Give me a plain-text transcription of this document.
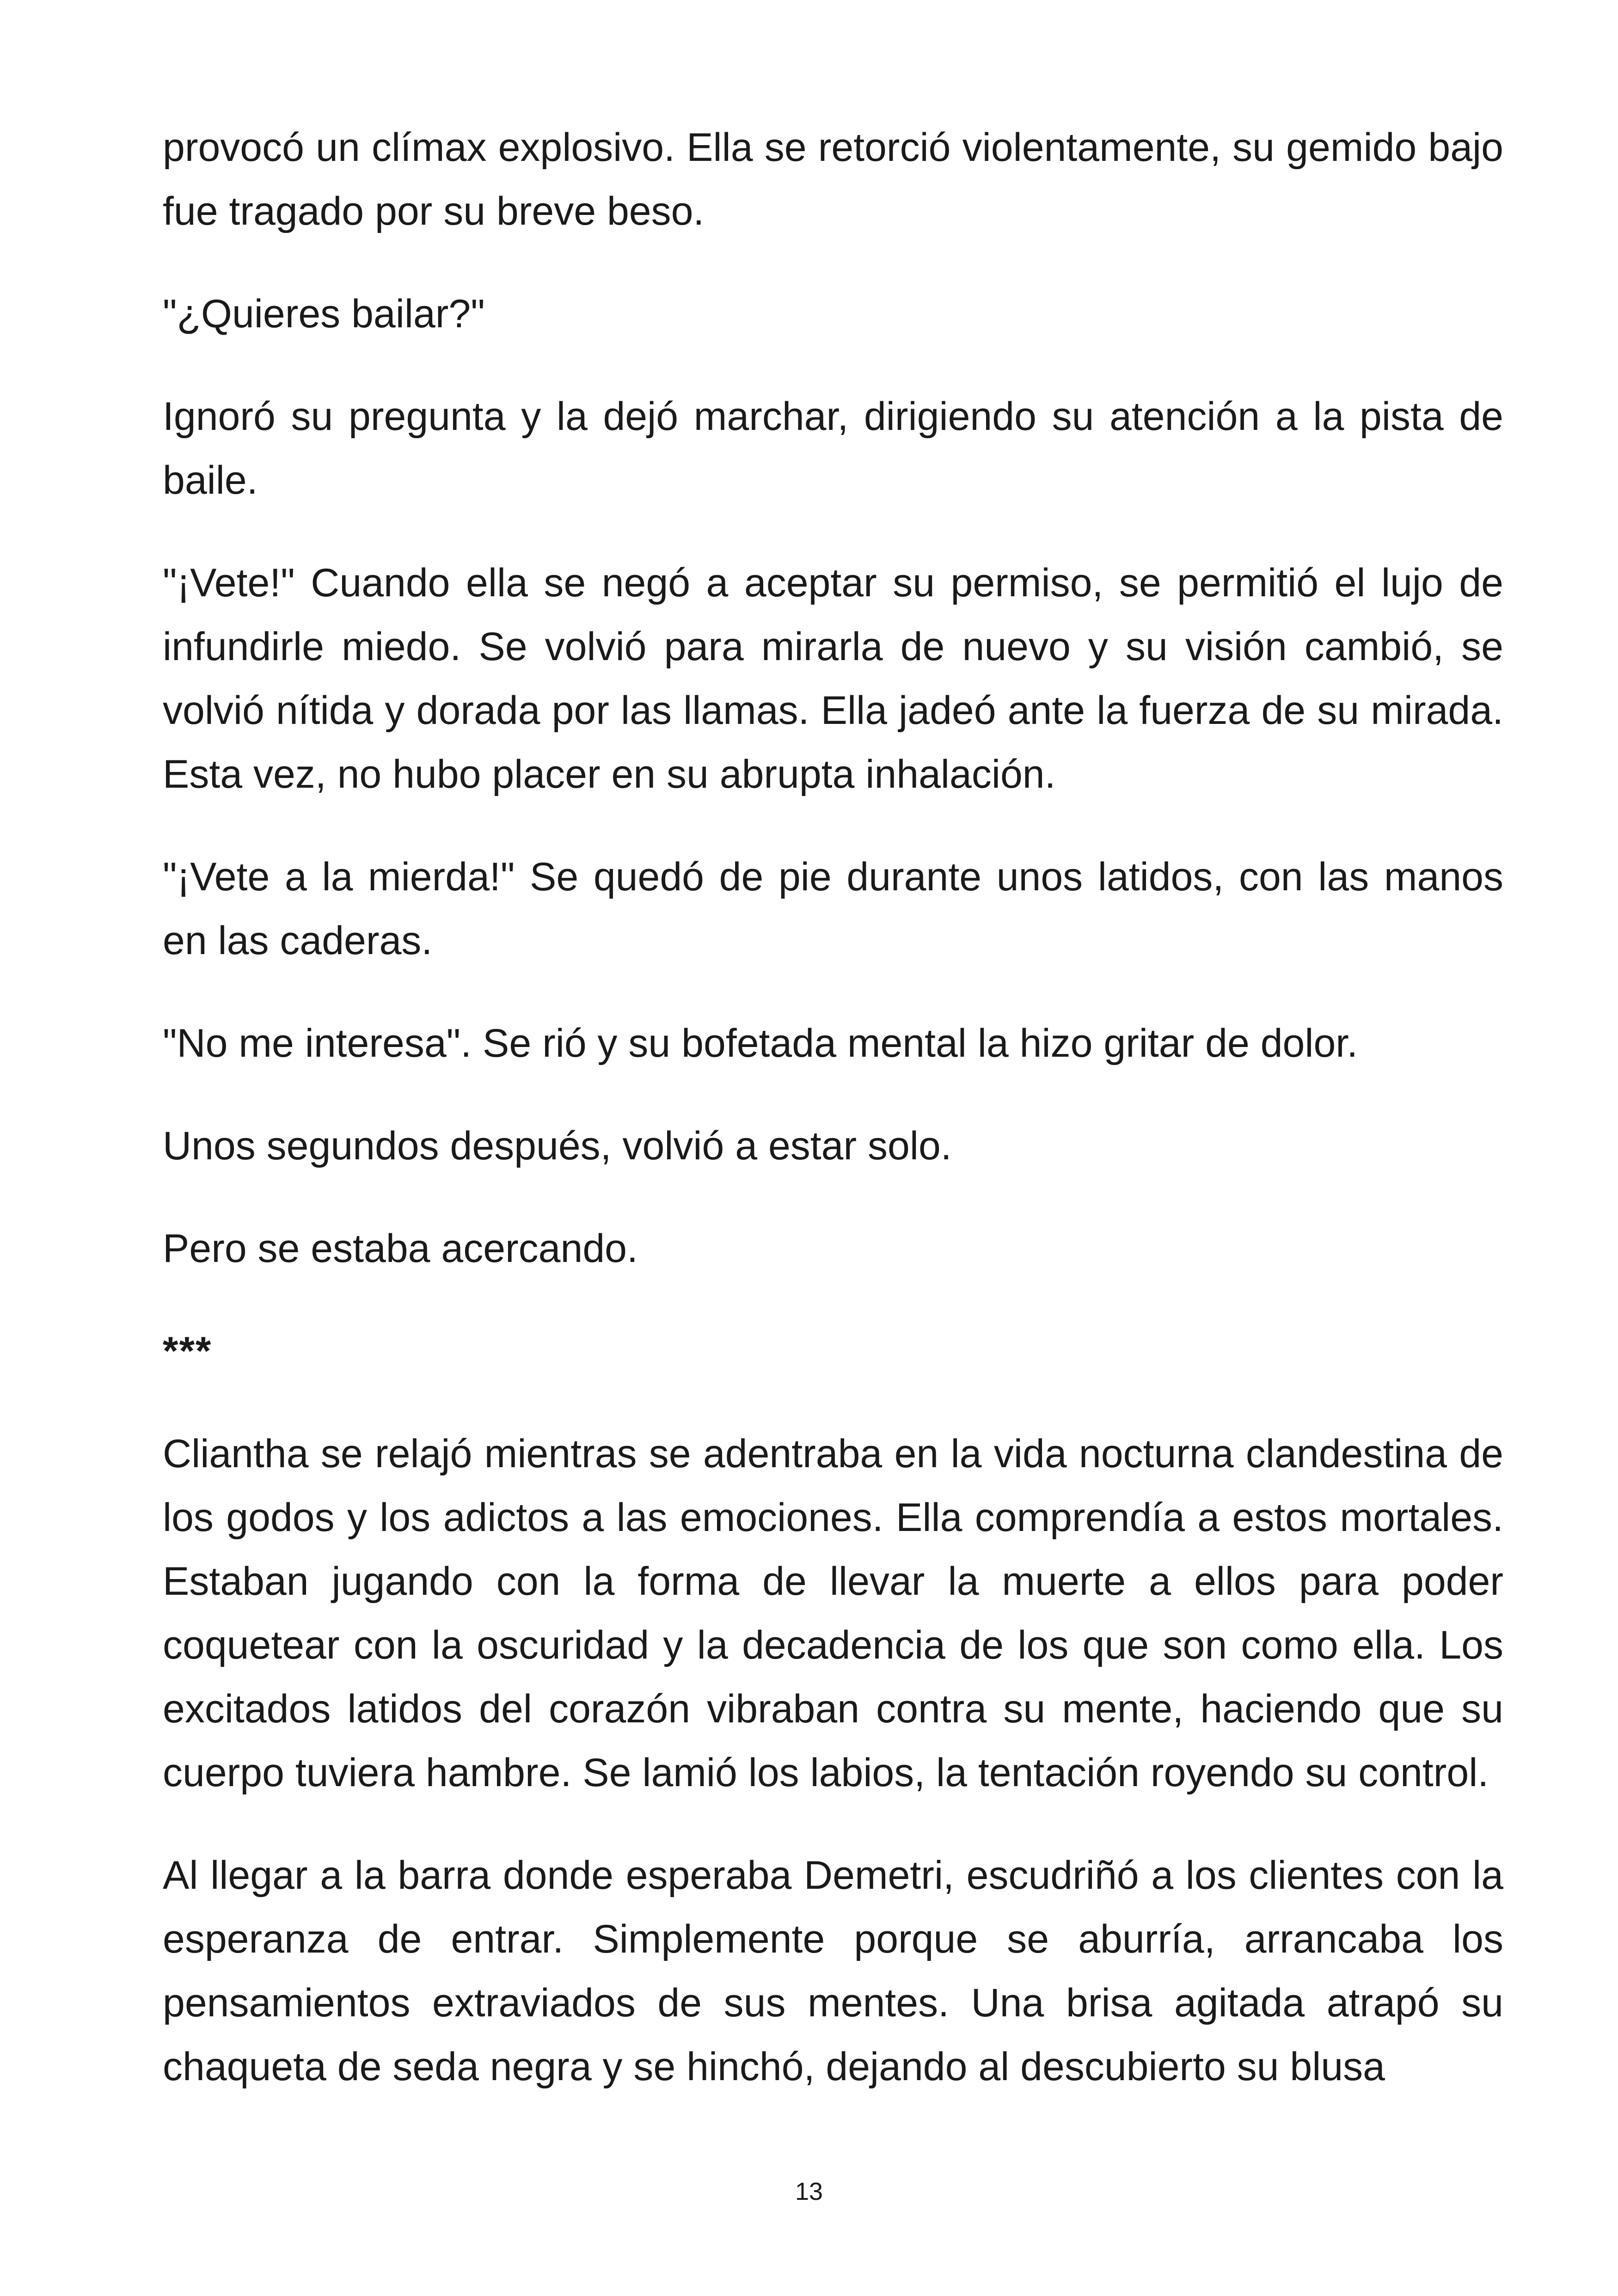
provocó un clímax explosivo. Ella se retorció violentamente, su gemido bajo fue tragado por su breve beso.

"¿Quieres bailar?"

Ignoró su pregunta y la dejó marchar, dirigiendo su atención a la pista de baile.

"¡Vete!" Cuando ella se negó a aceptar su permiso, se permitió el lujo de infundirle miedo. Se volvió para mirarla de nuevo y su visión cambió, se volvió nítida y dorada por las llamas. Ella jadeó ante la fuerza de su mirada. Esta vez, no hubo placer en su abrupta inhalación.

"¡Vete a la mierda!" Se quedó de pie durante unos latidos, con las manos en las caderas.

"No me interesa". Se rió y su bofetada mental la hizo gritar de dolor.

Unos segundos después, volvió a estar solo.

Pero se estaba acercando.

***

Cliantha se relajó mientras se adentraba en la vida nocturna clandestina de los godos y los adictos a las emociones. Ella comprendía a estos mortales. Estaban jugando con la forma de llevar la muerte a ellos para poder coquetear con la oscuridad y la decadencia de los que son como ella. Los excitados latidos del corazón vibraban contra su mente, haciendo que su cuerpo tuviera hambre. Se lamió los labios, la tentación royendo su control.

Al llegar a la barra donde esperaba Demetri, escudriñó a los clientes con la esperanza de entrar. Simplemente porque se aburría, arrancaba los pensamientos extraviados de sus mentes. Una brisa agitada atrapó su chaqueta de seda negra y se hinchó, dejando al descubierto su blusa

13
